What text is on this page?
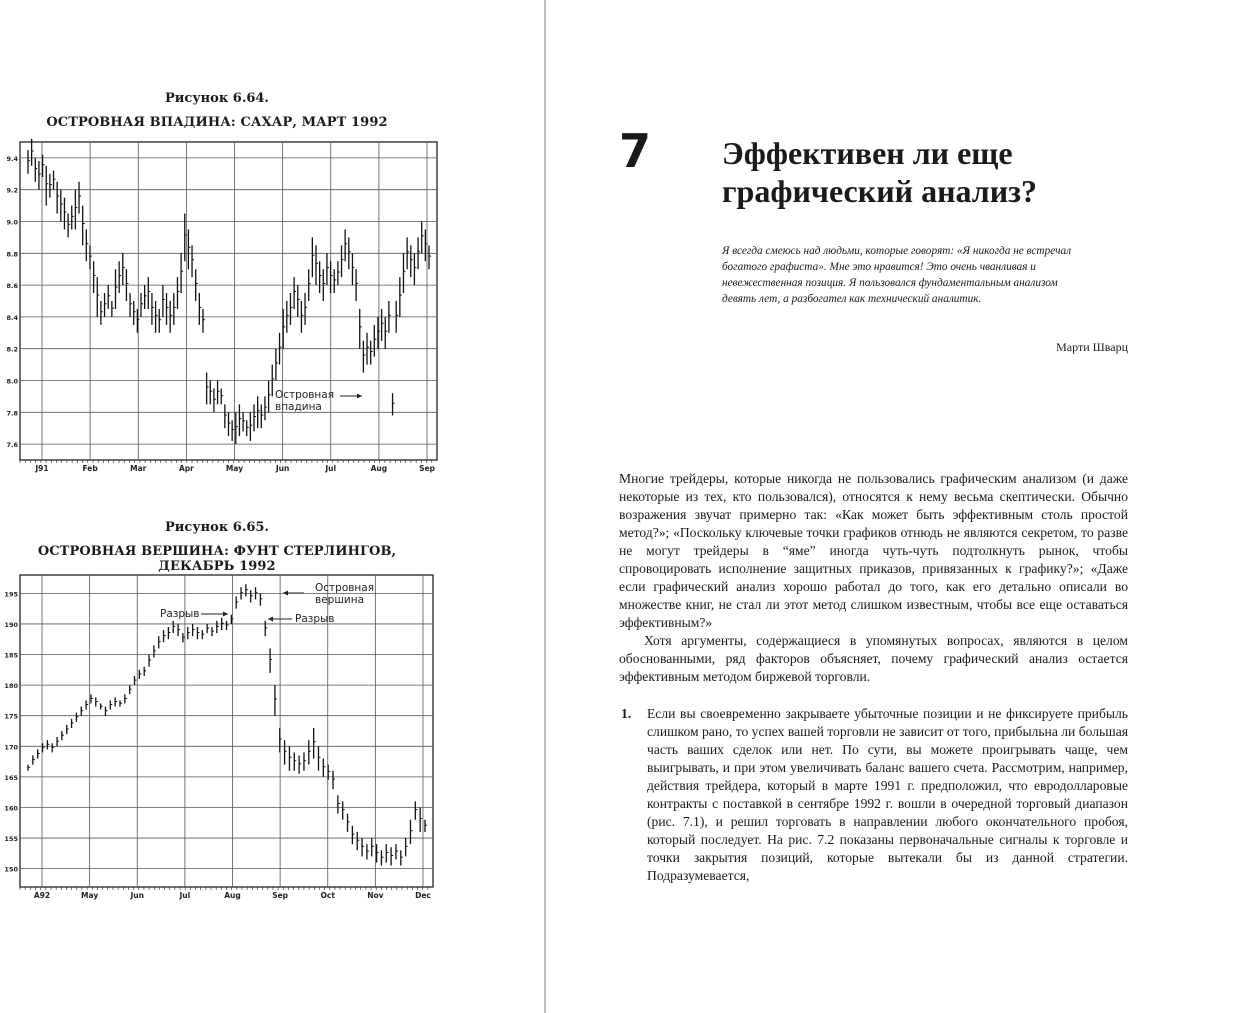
Рисунок 6.64.
ОСТРОВНАЯ ВПАДИНА: САХАР, МАРТ 1992
9.4
9.2
9.0
8.8
8.6
8.4
8.2
8.0
7.8
7.6
J91	Feb	Mar	Apr	May	Jun	Jul	Aug	Sep
Островная
впадина
Рисунок 6.65.
ОСТРОВНАЯ ВЕРШИНА: ФУНТ СТЕРЛИНГОВ, ДЕКАБРЬ 1992
195
190
185
180
175
170
165
160
155
150
A92	May	Jun	Jul	Aug	Sep	Oct	Nov	Dec
Островная
вершина
Разрыв	Разрыв
7 Эффективен ли еще
графический анализ?
Я всегда смеюсь над людьми, которые говорят: «Я никогда не встречал богатого графиста». Мне это нравится! Это очень чванливая и невежественная позиция. Я пользовался фундаментальным анализом девять лет, а разбогател как технический аналитик.
Марти Шварц

Многие трейдеры, которые никогда не пользовались графическим анализом (и даже некоторые из тех, кто пользовался), относятся к нему весьма скептически. Обычно возражения звучат примерно так: «Как может быть эффективным столь простой метод?»; «Поскольку ключевые точки графиков отнюдь не являются секретом, то разве не могут трейдеры в “яме” иногда чуть-чуть подтолкнуть рынок, чтобы спровоцировать исполнение защитных приказов, привязанных к графику?»; «Даже если графический анализ хорошо работал до того, как его детально описали во множестве книг, не стал ли этот метод слишком известным, чтобы все еще оставаться эффективным?»

Хотя аргументы, содержащиеся в упомянутых вопросах, являются в целом обоснованными, ряд факторов объясняет, почему графический анализ остается эффективным методом биржевой торговли.

1. Если вы своевременно закрываете убыточные позиции и не фиксируете прибыль слишком рано, то успех вашей торговли не зависит от того, прибыльна ли большая часть ваших сделок или нет. По сути, вы можете проигрывать чаще, чем выигрывать, и при этом увеличивать баланс вашего счета. Рассмотрим, например, действия трейдера, который в марте 1991 г. предположил, что евродолларовые контракты с поставкой в сентябре 1992 г. вошли в очередной торговый диапазон (рис. 7.1), и решил торговать в направлении любого окончательного пробоя, который последует. На рис. 7.2 показаны первоначальные сигналы к торговле и точки закрытия позиций, которые вытекали бы из данной стратегии. Подразумевается,
